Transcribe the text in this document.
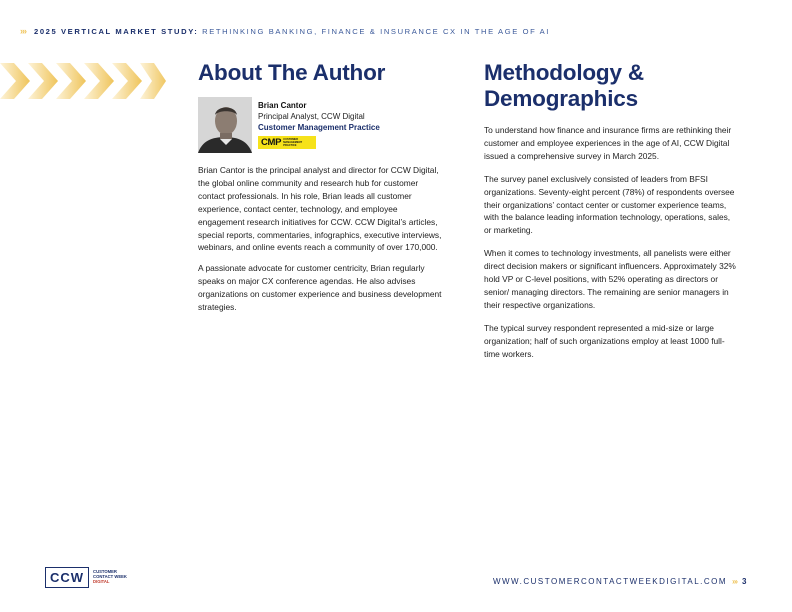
››› 2025 VERTICAL MARKET STUDY:
RETHINKING BANKING, FINANCE & INSURANCE CX IN THE AGE OF AI
About The Author
Brian Cantor
Principal Analyst, CCW Digital
Customer Management Practice
CMP CUSTOMER MANAGEMENT PRACTICE

Brian Cantor is the principal analyst and director for CCW Digital, the global online community and research hub for customer contact professionals. In his role, Brian leads all customer experience, contact center, technology, and employee engagement research initiatives for CCW. CCW Digital’s articles, special reports, commentaries, infographics, executive interviews, webinars, and online events reach a community of over 170,000.

A passionate advocate for customer centricity, Brian regularly speaks on major CX conference agendas. He also advises organizations on customer experience and business development strategies.

Methodology & Demographics

To understand how finance and insurance firms are rethinking their customer and employee experiences in the age of AI, CCW Digital issued a comprehensive survey in March 2025.

The survey panel exclusively consisted of leaders from BFSI organizations. Seventy-eight percent (78%) of respondents oversee their organizations’ contact center or customer experience teams, with the balance leading information technology, operations, sales, or marketing.

When it comes to technology investments, all panelists were either direct decision makers or significant influencers. Approximately 32% hold VP or C-level positions, with 52% operating as directors or senior/ managing directors. The remaining are senior managers in their respective organizations.

The typical survey respondent represented a mid-size or large organization; half of such organizations employ at least 1000 full-time workers.

CCW	CUSTOMER
CONTACT WEEK
DIGITAL	WWW.CUSTOMERCONTACTWEEKDIGITAL.COM ››› 3
